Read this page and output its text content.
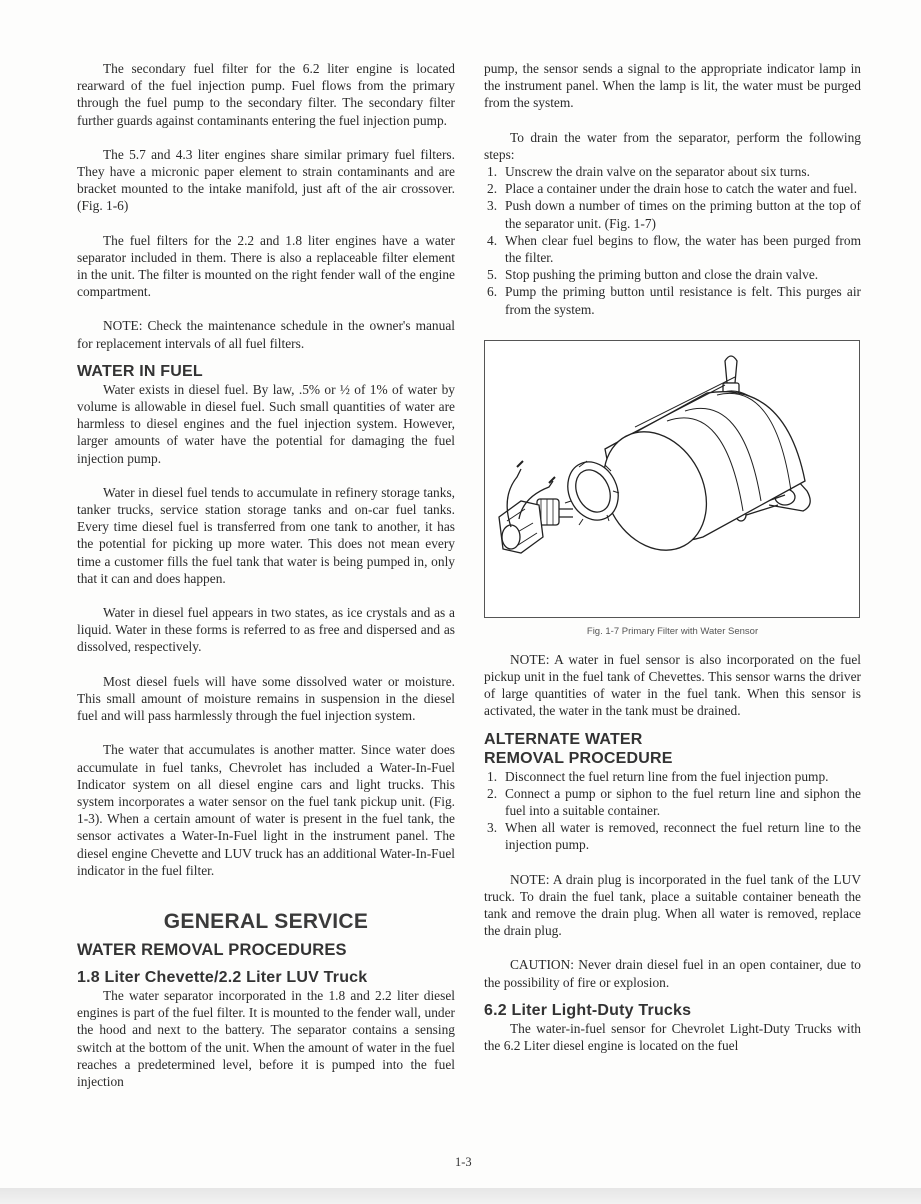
The secondary fuel filter for the 6.2 liter engine is located rearward of the fuel injection pump. Fuel flows from the primary through the fuel pump to the secondary filter. The secondary filter further guards against contaminants entering the fuel injection pump.

The 5.7 and 4.3 liter engines share similar primary fuel filters. They have a micronic paper element to strain contaminants and are bracket mounted to the intake manifold, just aft of the air crossover. (Fig. 1-6)

The fuel filters for the 2.2 and 1.8 liter engines have a water separator included in them. There is also a replaceable filter element in the unit. The filter is mounted on the right fender wall of the engine compartment.

NOTE: Check the maintenance schedule in the owner's manual for replacement intervals of all fuel filters.

WATER IN FUEL

Water exists in diesel fuel. By law, .5% or ½ of 1% of water by volume is allowable in diesel fuel. Such small quantities of water are harmless to diesel engines and the fuel injection system. However, larger amounts of water have the potential for damaging the fuel injection pump.

Water in diesel fuel tends to accumulate in refinery storage tanks, tanker trucks, service station storage tanks and on-car fuel tanks. Every time diesel fuel is transferred from one tank to another, it has the potential for picking up more water. This does not mean every time a customer fills the fuel tank that water is being pumped in, only that it can and does happen.

Water in diesel fuel appears in two states, as ice crystals and as a liquid. Water in these forms is referred to as free and dispersed and as dissolved, respectively.

Most diesel fuels will have some dissolved water or moisture. This small amount of moisture remains in suspension in the diesel fuel and will pass harmlessly through the fuel injection system.

The water that accumulates is another matter. Since water does accumulate in fuel tanks, Chevrolet has included a Water-In-Fuel Indicator system on all diesel engine cars and light trucks. This system incorporates a water sensor on the fuel tank pickup unit. (Fig. 1-3). When a certain amount of water is present in the fuel tank, the sensor activates a Water-In-Fuel light in the instrument panel. The diesel engine Chevette and LUV truck has an additional Water-In-Fuel indicator in the fuel filter.

GENERAL SERVICE
WATER REMOVAL PROCEDURES
1.8 Liter Chevette/2.2 Liter LUV Truck

The water separator incorporated in the 1.8 and 2.2 liter diesel engines is part of the fuel filter. It is mounted to the fender wall, under the hood and next to the battery. The separator contains a sensing switch at the bottom of the unit. When the amount of water in the fuel reaches a predetermined level, before it is pumped into the fuel injection

pump, the sensor sends a signal to the appropriate indicator lamp in the instrument panel. When the lamp is lit, the water must be purged from the system.

To drain the water from the separator, perform the following steps:

1. Unscrew the drain valve on the separator about six turns.
2. Place a container under the drain hose to catch the water and fuel.
3. Push down a number of times on the priming button at the top of the separator unit. (Fig. 1-7)
4. When clear fuel begins to flow, the water has been purged from the filter.
5. Stop pushing the priming button and close the drain valve.
6. Pump the priming button until resistance is felt. This purges air from the system.
Fig. 1-7 Primary Filter with Water Sensor

NOTE: A water in fuel sensor is also incorporated on the fuel pickup unit in the fuel tank of Chevettes. This sensor warns the driver of large quantities of water in the fuel tank. When this sensor is activated, the water in the tank must be drained.

ALTERNATE WATER
REMOVAL PROCEDURE
1. Disconnect the fuel return line from the fuel injection pump.
2. Connect a pump or siphon to the fuel return line and siphon the fuel into a suitable container.
3. When all water is removed, reconnect the fuel return line to the injection pump.

NOTE: A drain plug is incorporated in the fuel tank of the LUV truck. To drain the fuel tank, place a suitable container beneath the tank and remove the drain plug. When all water is removed, replace the drain plug.

CAUTION: Never drain diesel fuel in an open container, due to the possibility of fire or explosion.

6.2 Liter Light-Duty Trucks

The water-in-fuel sensor for Chevrolet Light-Duty Trucks with the 6.2 Liter diesel engine is located on the fuel

1-3
